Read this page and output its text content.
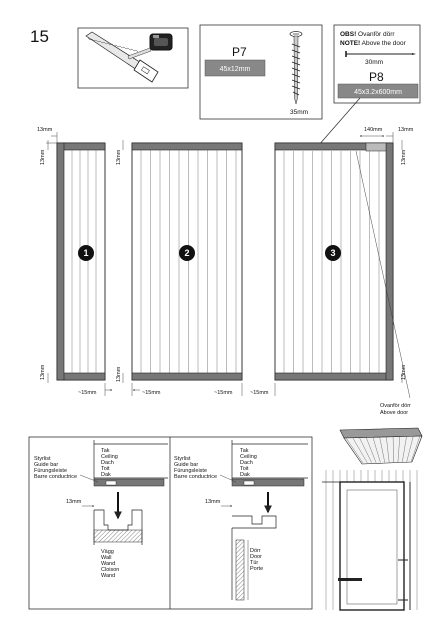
15
P7
45x12mm
35mm
OBS! Ovanför dörr
NOTE! Above the door
30mm
P8
45x3.2x600mm
1	2	3
13mm
13mm
13mm
13mm
13mm
13mm
13mm
140mm	13mm
~15mm	~15mm	~15mm	~15mm
Ovanför dörr
Above door
Tak
Ceiling
Dach
Toit
Dak
Styrlist
Guide bar
Fürungsleiste
Barre conductrice
13mm
Vägg
Wall
Wand
Cloison
Wand
Tak
Ceiling
Dach
Toit
Dak
Styrlist
Guide bar
Fürungsleiste
Barre conductrice
13mm
Dörr
Door
Tür
Porte
